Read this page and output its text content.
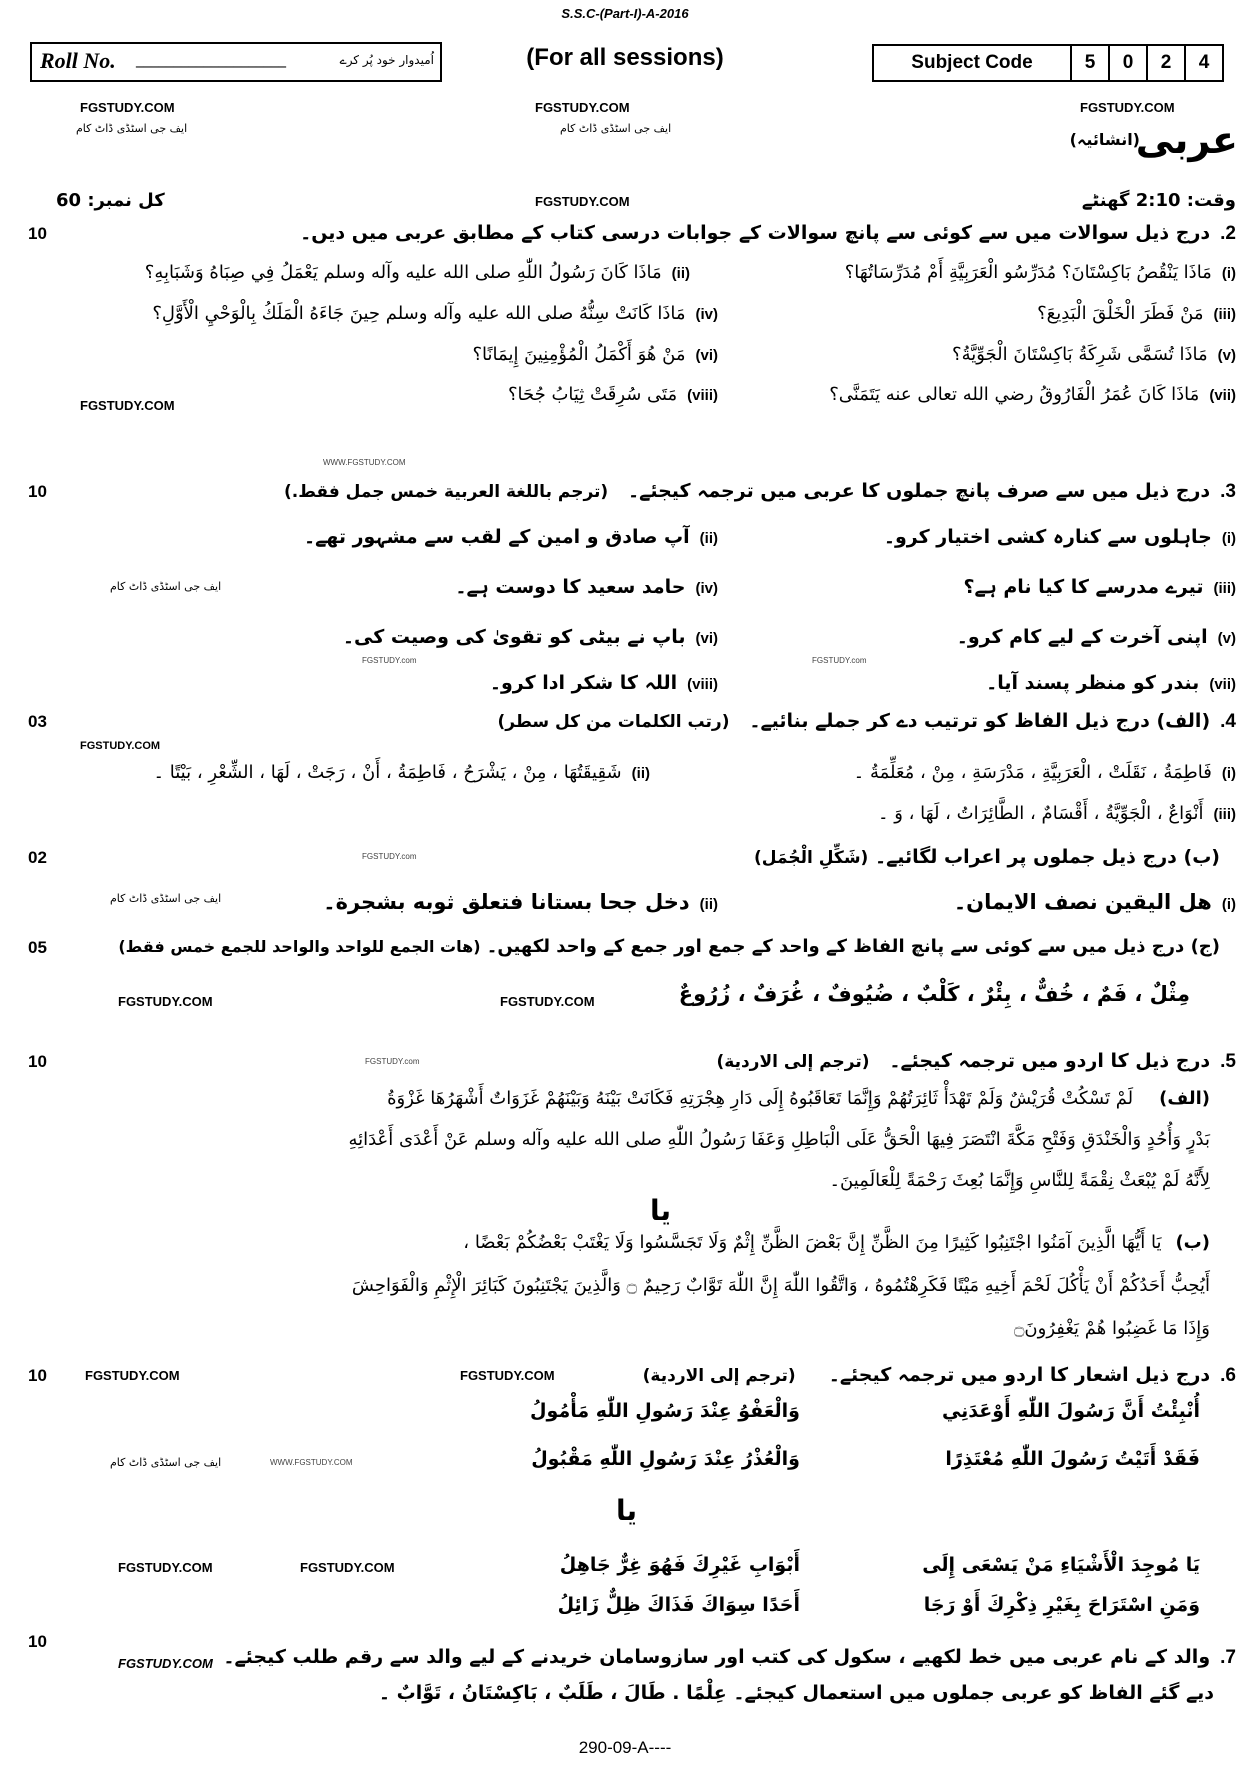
S.S.C-(Part-I)-A-2016
Roll No. ____________________	اُمیدوار خود پُر کرے	(For all sessions)	Subject Code	5	0	2	4
FGSTUDY.COM	FGSTUDY.COM	FGSTUDY.COM
ایف جی اسٹڈی ڈاٹ کام	ایف جی اسٹڈی ڈاٹ کام	عربی
(انشائیہ)
کل نمبر: 60	FGSTUDY.COM	وقت: 2:10 گھنٹے
10	2.درج ذیل سوالات میں سے کوئی سے پانچ سوالات کے جوابات درسی کتاب کے مطابق عربی میں دیں۔
(i)مَاذَا يَنْقُصُ بَاكِسْتَانَ؟ مُدَرِّسُو الْعَرَبِيَّةِ أَمْ مُدَرِّسَاتُهَا؟
(ii)مَاذَا كَانَ رَسُولُ اللّٰهِ صلى الله عليه وآله وسلم يَعْمَلُ فِي صِبَاهُ وَشَبَابِهِ؟
(iii)مَنْ فَطَرَ الْخَلْقَ الْبَدِيعَ؟
(iv)مَاذَا كَانَتْ سِنُّهُ صلى الله عليه وآله وسلم حِينَ جَاءَهُ الْمَلَكُ بِالْوَحْيِ الْأَوَّلِ؟
(v)مَاذَا تُسَمَّى شَرِكَةُ بَاكِسْتَانَ الْجَوِّيَّةُ؟
(vi)مَنْ هُوَ أَكْمَلُ الْمُؤْمِنِينَ إِيمَانًا؟
(vii)مَاذَا كَانَ عُمَرُ الْفَارُوقُ رضي الله تعالى عنه يَتَمَنَّى؟
(viii)مَتَى سُرِقَتْ ثِيَابُ جُحَا؟
FGSTUDY.COM
WWW.FGSTUDY.COM
10	3.درج ذیل میں سے صرف پانچ جملوں کا عربی میں ترجمہ کیجئے۔   (ترجم باللغة العربية خمس جمل فقط.)
(i)جاہلوں سے کنارہ کشی اختیار کرو۔
(ii)آپ صادق و امین کے لقب سے مشہور تھے۔
(iii)تیرے مدرسے کا کیا نام ہے؟
(iv)حامد سعید کا دوست ہے۔
ایف جی اسٹڈی ڈاٹ کام
(v)اپنی آخرت کے لیے کام کرو۔
(vi)باپ نے بیٹی کو تقویٰ کی وصیت کی۔
FGSTUDY.com	FGSTUDY.com
(vii)بندر کو منظر پسند آیا۔
(viii)اللہ کا شکر ادا کرو۔
03	4.(الف) درج ذیل الفاظ کو ترتیب دے کر جملے بنائیے۔   (رتب الكلمات من كل سطر)
FGSTUDY.COM
(i)فَاطِمَةُ ، نَقَلَتْ ، الْعَرَبِيَّةِ ، مَدْرَسَةِ ، مِنْ ، مُعَلِّمَةُ ۔
(ii)شَقِيقَتُهَا ، مِنْ ، يَشْرَحُ ، فَاطِمَةُ ، أَنْ ، رَجَتْ ، لَهَا ، الشِّعْرِ ، بَيْتًا ۔
(iii)أَنْوَاعٌ ، الْجَوِّيَّةُ ، أَقْسَامٌ ، الطَّائِرَاتُ ، لَهَا ، وَ ۔
02	FGSTUDY.com	(ب) درج ذیل جملوں پر اعراب لگائیے۔ (شَكِّلِ الْجُمَل)
(i)هل اليقين نصف الايمان۔
(ii)دخل جحا بستانا فتعلق ثوبه بشجرة۔
ایف جی اسٹڈی ڈاٹ کام
05	(ج) درج ذیل میں سے کوئی سے پانچ الفاظ کے واحد کے جمع اور جمع کے واحد لکھیں۔ (هات الجمع للواحد والواحد للجمع خمس فقط)
مِثْلٌ ، فَمٌ ، خُفٌّ ، بِئْرٌ ، كَلْبٌ ، ضُيُوفٌ ، غُرَفٌ ، زُرُوعٌ
FGSTUDY.COM	FGSTUDY.COM
10	FGSTUDY.com	5.درج ذیل کا اردو میں ترجمہ کیجئے۔   (ترجم إلى الاردية)
(الف)لَمْ تَسْكُتْ قُرَيْشٌ وَلَمْ تَهْدَأْ ثَائِرَتُهُمْ وَإِنَّمَا تَعَاقَبُوهُ إِلَى دَارِ هِجْرَتِهِ فَكَانَتْ بَيْنَهُ وَبَيْنَهُمْ غَزَوَاتٌ أَشْهَرُهَا غَزْوَةُ
بَدْرٍ وَأُحُدٍ وَالْخَنْدَقِ وَفَتْحِ مَكَّةَ انْتَصَرَ فِيهَا الْحَقُّ عَلَى الْبَاطِلِ وَعَفَا رَسُولُ اللّٰهِ صلى الله عليه وآله وسلم عَنْ أَعْدَى أَعْدَائِهِ
لِأَنَّهُ لَمْ يُبْعَثْ نِقْمَةً لِلنَّاسِ وَإِنَّمَا بُعِثَ رَحْمَةً لِلْعَالَمِينَ۔
یا
(ب)يَا أَيُّهَا الَّذِينَ آمَنُوا اجْتَنِبُوا كَثِيرًا مِنَ الظَّنِّ إِنَّ بَعْضَ الظَّنِّ إِثْمٌ وَلَا تَجَسَّسُوا وَلَا يَغْتَبْ بَعْضُكُمْ بَعْضًا ،
أَيُحِبُّ أَحَدُكُمْ أَنْ يَأْكُلَ لَحْمَ أَخِيهِ مَيْتًا فَكَرِهْتُمُوهُ ، وَاتَّقُوا اللّٰهَ إِنَّ اللّٰهَ تَوَّابٌ رَحِيمٌ ۝ وَالَّذِينَ يَجْتَنِبُونَ كَبَائِرَ الْإِثْمِ وَالْفَوَاحِشَ
وَإِذَا مَا غَضِبُوا هُمْ يَغْفِرُونَ۝
10	FGSTUDY.COM	FGSTUDY.COM	6.درج ذیل اشعار کا اردو میں ترجمہ کیجئے۔     (ترجم إلى الاردية)
أُنْبِئْتُ أَنَّ رَسُولَ اللّٰهِ أَوْعَدَنِي
وَالْعَفْوُ عِنْدَ رَسُولِ اللّٰهِ مَأْمُولُ
فَقَدْ أَتَيْتُ رَسُولَ اللّٰهِ مُعْتَذِرًا
وَالْعُذْرُ عِنْدَ رَسُولِ اللّٰهِ مَقْبُولُ
ایف جی اسٹڈی ڈاٹ کام	WWW.FGSTUDY.COM
یا
FGSTUDY.COM	FGSTUDY.COM	يَا مُوجِدَ الْأَشْيَاءِ مَنْ يَسْعَى إِلَى
أَبْوَابِ غَيْرِكَ فَهُوَ غِرٌّ جَاهِلُ
وَمَنِ اسْتَرَاحَ بِغَيْرِ ذِكْرِكَ أَوْ رَجَا
أَحَدًا سِوَاكَ فَذَاكَ ظِلٌّ زَائِلُ
10
FGSTUDY.COM	7.والد کے نام عربی میں خط لکھیے ، سکول کی کتب اور سازوسامان خریدنے کے لیے والد سے رقم طلب کیجئے۔
دیے گئے الفاظ کو عربی جملوں میں استعمال کیجئے۔ عِلْمًا . طَالَ ، طَلَبٌ ، بَاكِسْتَانُ ، تَوَّابٌ ۔
290-09-A----
